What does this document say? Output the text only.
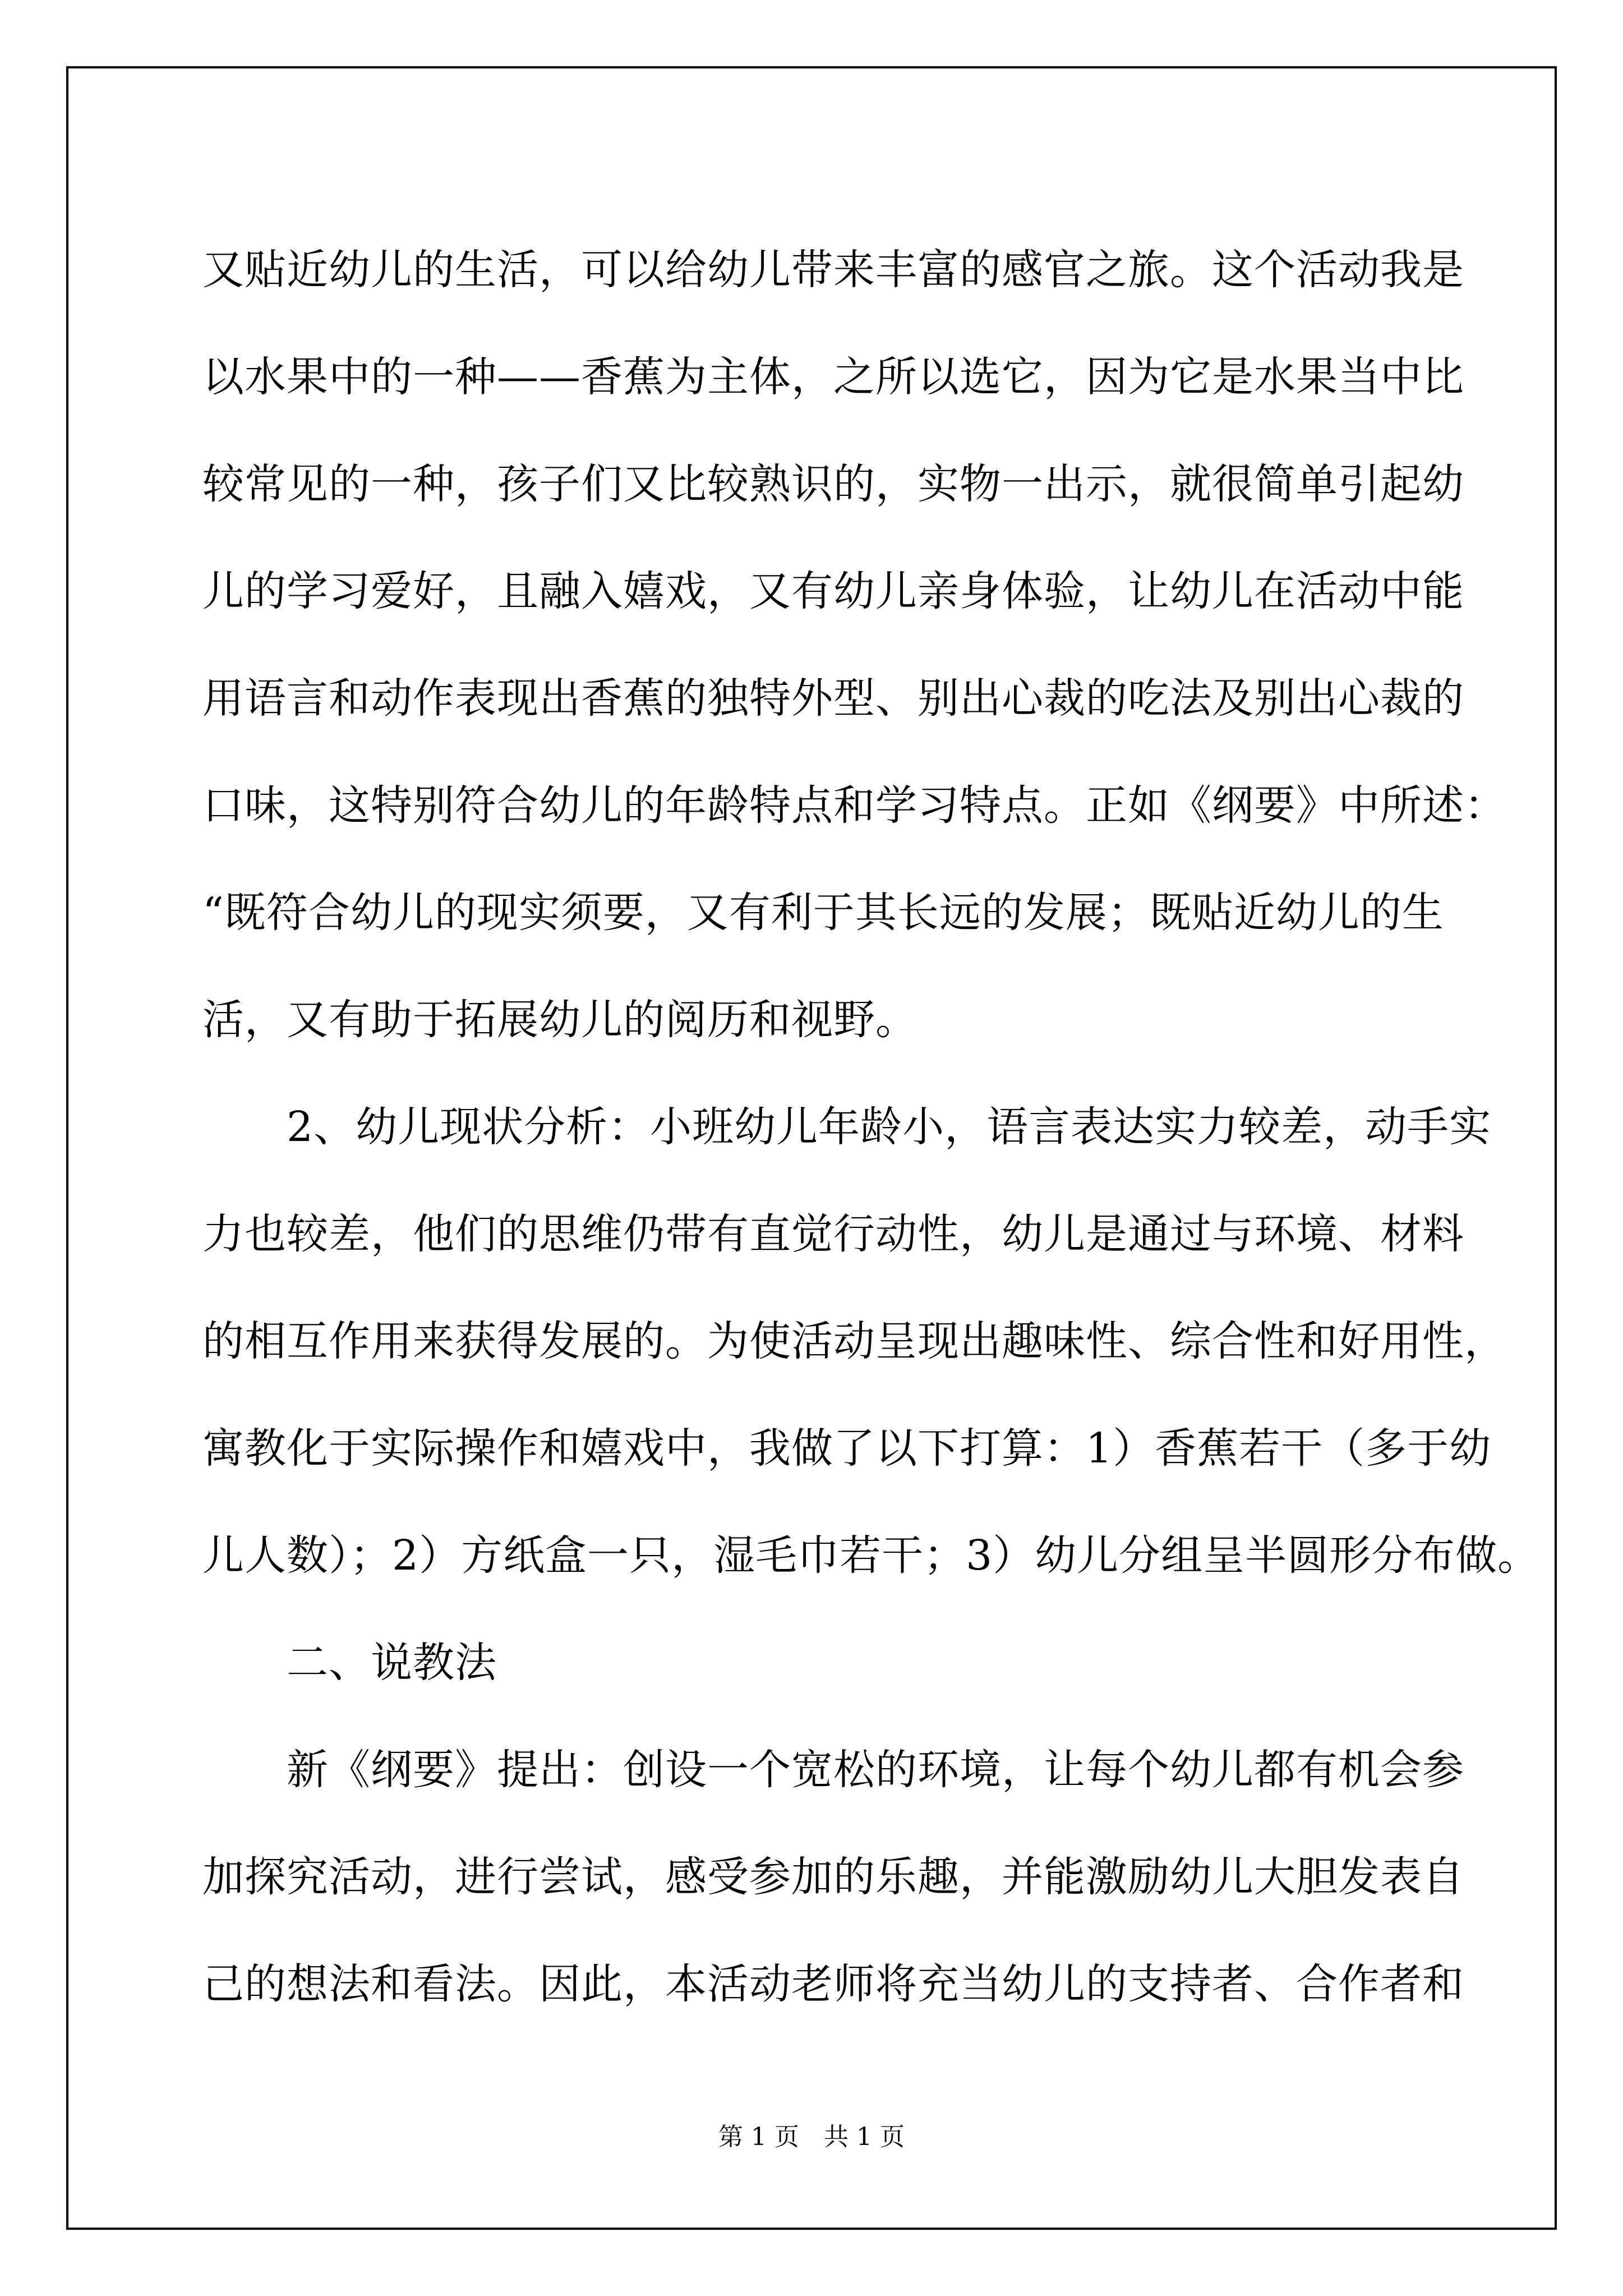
又贴近幼儿的生活，可以给幼儿带来丰富的感官之旅。这个活动我是
以水果中的一种——香蕉为主体，之所以选它，因为它是水果当中比
较常见的一种，孩子们又比较熟识的，实物一出示，就很简单引起幼
儿的学习爱好，且融入嬉戏，又有幼儿亲身体验，让幼儿在活动中能
用语言和动作表现出香蕉的独特外型、别出心裁的吃法及别出心裁的
口味，这特别符合幼儿的年龄特点和学习特点。正如《纲要》中所述：
“既符合幼儿的现实须要，又有利于其长远的发展；既贴近幼儿的生
活，又有助于拓展幼儿的阅历和视野。
　　2、幼儿现状分析：小班幼儿年龄小，语言表达实力较差，动手实
力也较差，他们的思维仍带有直觉行动性，幼儿是通过与环境、材料
的相互作用来获得发展的。为使活动呈现出趣味性、综合性和好用性，
寓教化于实际操作和嬉戏中，我做了以下打算：1）香蕉若干（多于幼
儿人数）；2）方纸盒一只，湿毛巾若干；3）幼儿分组呈半圆形分布做。
　　二、说教法
　　新《纲要》提出：创设一个宽松的环境，让每个幼儿都有机会参
加探究活动，进行尝试，感受参加的乐趣，并能激励幼儿大胆发表自
己的想法和看法。因此，本活动老师将充当幼儿的支持者、合作者和
第 1 页　共 1 页
